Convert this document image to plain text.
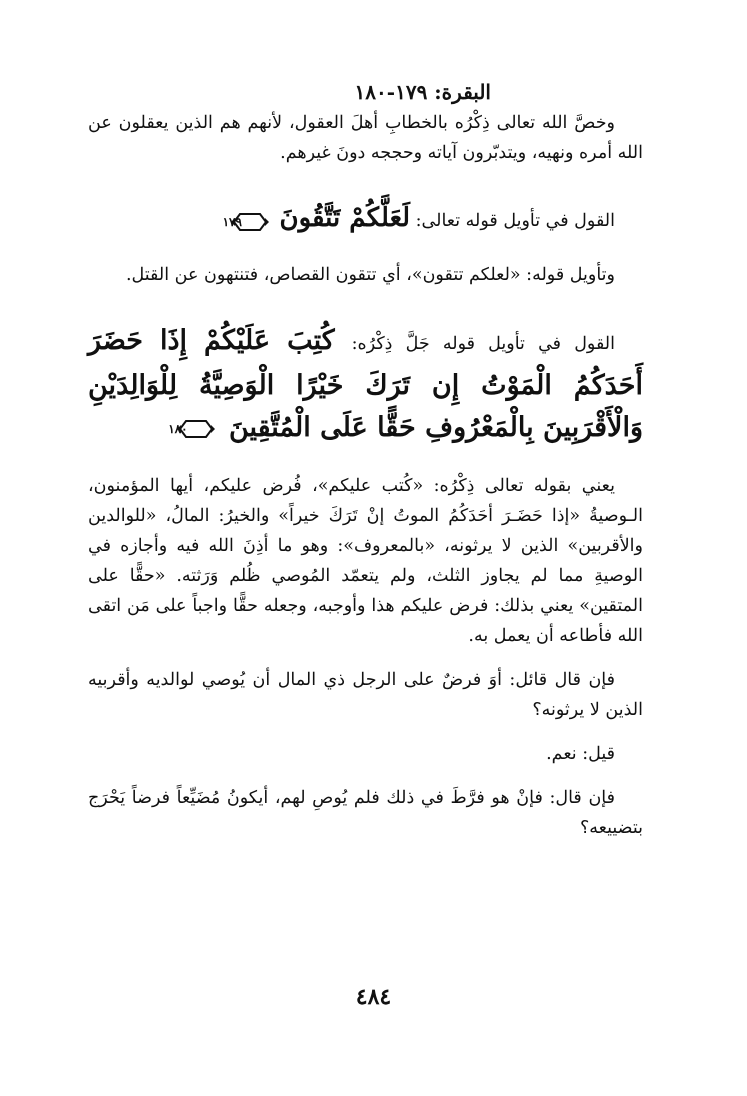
البقرة: ١٧٩-١٨٠

وخصَّ الله تعالى ذِكْرُه بالخطابِ أهلَ العقول، لأنهم هم الذين يعقلون عن الله أمره ونهيه، ويتدبّرون آياته وحججه دونَ غيرهم.

القول في تأويل قوله تعالى: لَعَلَّكُمْ تَتَّقُونَ
١٧٩

وتأويل قوله: «لعلكم تتقون»، أي تتقون القصاص، فتنتهون عن القتل.

القول في تأويل قوله جَلَّ ذِكْرُه: كُتِبَ عَلَيْكُمْ إِذَا حَضَرَ أَحَدَكُمُ الْمَوْتُ إِن تَرَكَ خَيْرًا الْوَصِيَّةُ لِلْوَالِدَيْنِ وَالْأَقْرَبِينَ بِالْمَعْرُوفِ حَقًّا عَلَى الْمُتَّقِينَ
١٨٠

يعني بقوله تعالى ذِكْرُه: «كُتب عليكم»، فُرض عليكم، أيها المؤمنون، الـوصيةُ «إذا حَضَـرَ أحَدَكُمُ الموتُ إنْ تَرَكَ خيراً» والخيرُ: المالُ، «للوالدين والأقربين» الذين لا يرثونه، «بالمعروف»: وهو ما أذِنَ الله فيه وأجازه في الوصيةِ مما لم يجاوز الثلث، ولم يتعمّد المُوصي ظُلم وَرَثته. «حقًّا على المتقين» يعني بذلك: فرض عليكم هذا وأوجبه، وجعله حقًّا واجباً على مَن اتقى الله فأطاعه أن يعمل به.

فإن قال قائل: أوَ فرضٌ على الرجل ذي المال أن يُوصي لوالديه وأقربيه الذين لا يرثونه؟

قيل: نعم.

فإن قال: فإنْ هو فرَّطَ في ذلك فلم يُوصِ لهم، أيكونُ مُضَيِّعاً فرضاً يَحْرَج بتضييعه؟

٤٨٤
